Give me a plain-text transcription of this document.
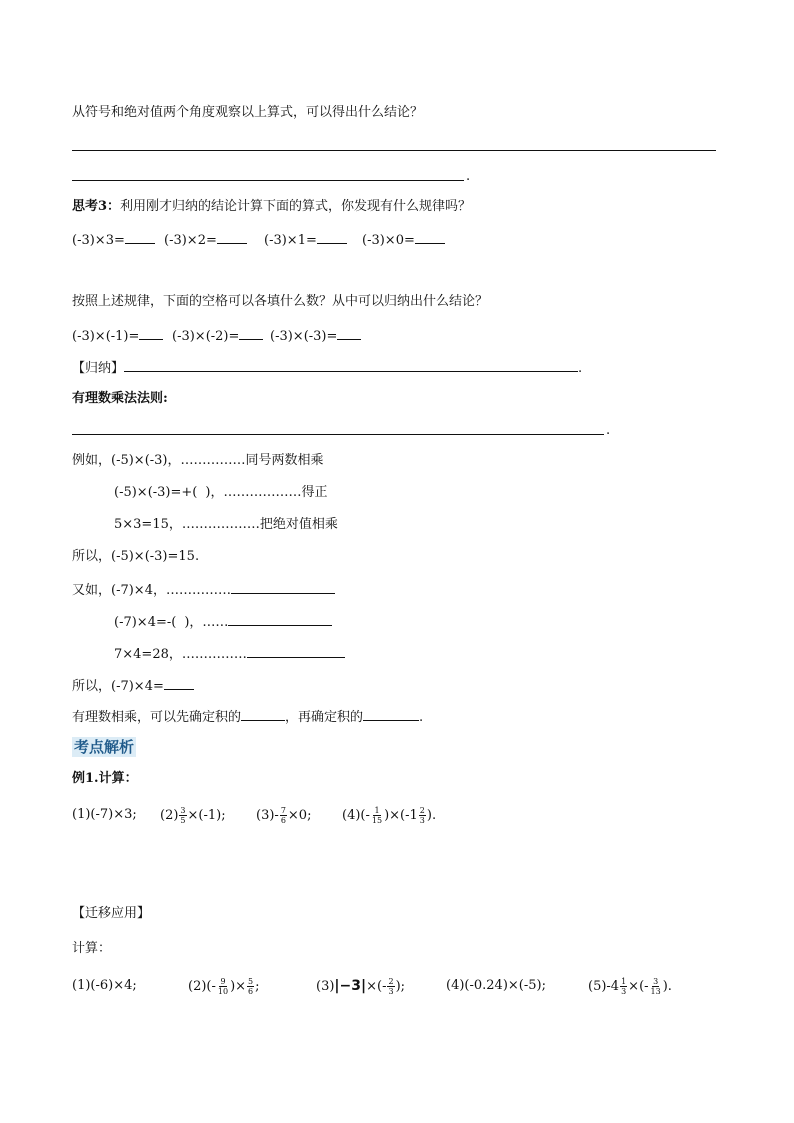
从符号和绝对值两个角度观察以上算式，可以得出什么结论？
.
思考3：利用刚才归纳的结论计算下面的算式，你发现有什么规律吗？
(-3)×3=	(-3)×2=	(-3)×1=	(-3)×0=
按照上述规律，下面的空格可以各填什么数？从中可以归纳出什么结论？
(-3)×(-1)=	(-3)×(-2)=	(-3)×(-3)=
【归纳】	.
有理数乘法法则:
.
例如，(-5)×(-3)，……………同号两数相乘
(-5)×(-3)=+( )，………………得正
5×3=15，………………把绝对值相乘
所以，(-5)×(-3)=15.
又如，(-7)×4，……………
(-7)×4=-( )，……
7×4=28，……………
所以，(-7)×4=
有理数相乘，可以先确定积的	，再确定积的	.
考点解析
例1.计算：
(1)(-7)×3; $(2) \frac{3}{5} \times(-1)$; $(3)- \frac{7}{6} \times 0$; $(4)(- \frac{1}{15} )\times(-1 \frac{2}{3}$ ).
【迁移应用】
计算：
(1)(-6)×4;	$(2)(- \frac{9}{10}$ )× $\frac{5}{6}$ ;	$(3)|-3|\times(- \frac{2}{3}$ );	(4)(-0.24)×(-5);	$(5)-4 \frac{1}{3}$ ×(- $\frac{3}{13}$ ).
